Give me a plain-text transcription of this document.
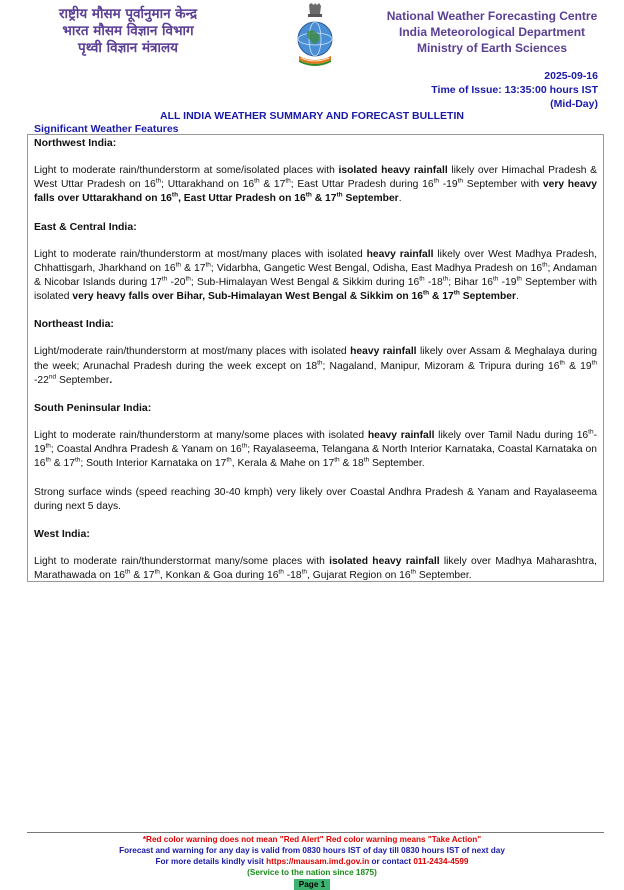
राष्ट्रीय मौसम पूर्वानुमान केन्द्र
भारत मौसम विज्ञान विभाग
पृथ्वी विज्ञान मंत्रालय
National Weather Forecasting Centre
India Meteorological Department
Ministry of Earth Sciences
2025-09-16
Time of Issue: 13:35:00 hours IST
(Mid-Day)
ALL INDIA WEATHER SUMMARY AND FORECAST BULLETIN
Significant Weather Features
Northwest India:
Light to moderate rain/thunderstorm at some/isolated places with isolated heavy rainfall likely over Himachal Pradesh & West Uttar Pradesh on 16th; Uttarakhand on 16th & 17th; East Uttar Pradesh during 16th -19th September with very heavy falls over Uttarakhand on 16th, East Uttar Pradesh on 16th & 17th September.
East & Central India:
Light to moderate rain/thunderstorm at most/many places with isolated heavy rainfall likely over West Madhya Pradesh, Chhattisgarh, Jharkhand on 16th & 17th; Vidarbha, Gangetic West Bengal, Odisha, East Madhya Pradesh on 16th; Andaman & Nicobar Islands during 17th -20th; Sub-Himalayan West Bengal & Sikkim during 16th -18th; Bihar 16th -19th September with isolated very heavy falls over Bihar, Sub-Himalayan West Bengal & Sikkim on 16th & 17th September.
Northeast India:
Light/moderate rain/thunderstorm at most/many places with isolated heavy rainfall likely over Assam & Meghalaya during the week; Arunachal Pradesh during the week except on 18th; Nagaland, Manipur, Mizoram & Tripura during 16th & 19th -22nd September.
South Peninsular India:
Light to moderate rain/thunderstorm at many/some places with isolated heavy rainfall likely over Tamil Nadu during 16th-19th; Coastal Andhra Pradesh & Yanam on 16th; Rayalaseema, Telangana & North Interior Karnataka, Coastal Karnataka on 16th & 17th; South Interior Karnataka on 17th, Kerala & Mahe on 17th & 18th September.
Strong surface winds (speed reaching 30-40 kmph) very likely over Coastal Andhra Pradesh & Yanam and Rayalaseema during next 5 days.
West India:
Light to moderate rain/thunderstormat many/some places with isolated heavy rainfall likely over Madhya Maharashtra, Marathawada on 16th & 17th, Konkan & Goa during 16th -18th, Gujarat Region on 16th September.
*Red color warning does not mean "Red Alert" Red color warning means "Take Action"
Forecast and warning for any day is valid from 0830 hours IST of day till 0830 hours IST of next day
For more details kindly visit https://mausam.imd.gov.in or contact 011-2434-4599
(Service to the nation since 1875)
Page 1
